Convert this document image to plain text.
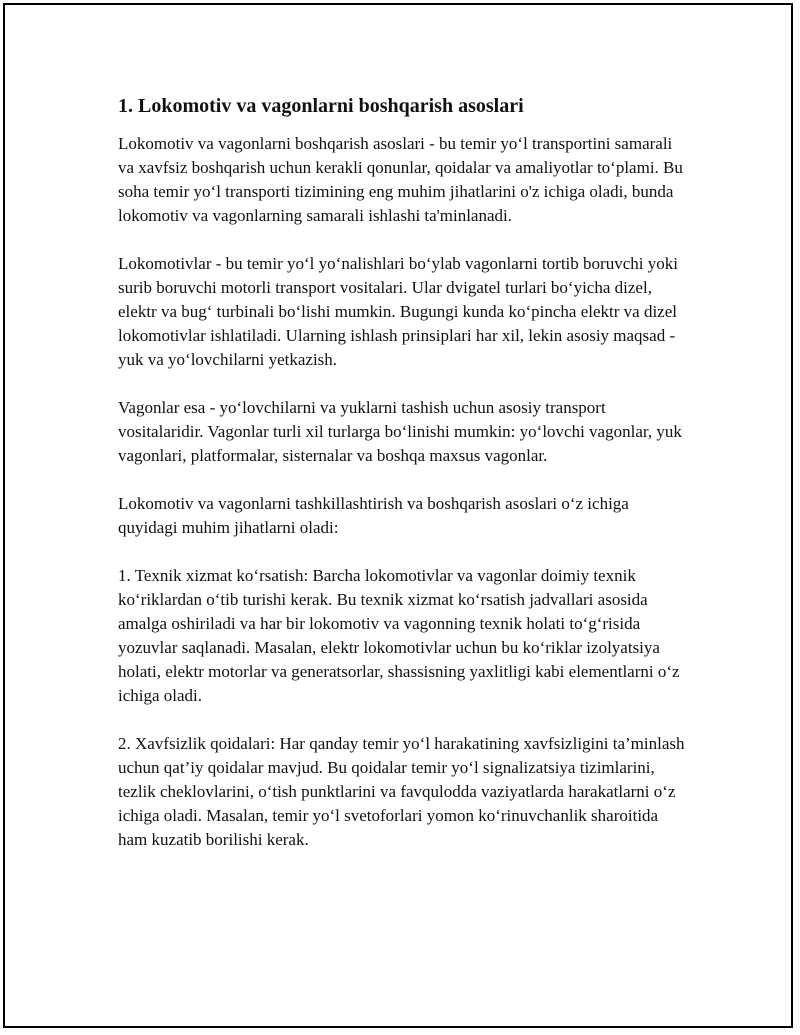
1. Lokomotiv va vagonlarni boshqarish asoslari

Lokomotiv va vagonlarni boshqarish asoslari - bu temir yo‘l transportini samarali va xavfsiz boshqarish uchun kerakli qonunlar, qoidalar va amaliyotlar to‘plami. Bu soha temir yo‘l transporti tizimining eng muhim jihatlarini o'z ichiga oladi, bunda lokomotiv va vagonlarning samarali ishlashi ta'minlanadi.

Lokomotivlar - bu temir yo‘l yo‘nalishlari bo‘ylab vagonlarni tortib boruvchi yoki surib boruvchi motorli transport vositalari. Ular dvigatel turlari bo‘yicha dizel, elektr va bug‘ turbinali bo‘lishi mumkin. Bugungi kunda ko‘pincha elektr va dizel lokomotivlar ishlatiladi. Ularning ishlash prinsiplari har xil, lekin asosiy maqsad - yuk va yo‘lovchilarni yetkazish.

Vagonlar esa - yo‘lovchilarni va yuklarni tashish uchun asosiy transport vositalaridir. Vagonlar turli xil turlarga bo‘linishi mumkin: yo‘lovchi vagonlar, yuk vagonlari, platformalar, sisternalar va boshqa maxsus vagonlar.

Lokomotiv va vagonlarni tashkillashtirish va boshqarish asoslari o‘z ichiga quyidagi muhim jihatlarni oladi:

1. Texnik xizmat ko‘rsatish: Barcha lokomotivlar va vagonlar doimiy texnik ko‘riklardan o‘tib turishi kerak. Bu texnik xizmat ko‘rsatish jadvallari asosida amalga oshiriladi va har bir lokomotiv va vagonning texnik holati to‘g‘risida yozuvlar saqlanadi. Masalan, elektr lokomotivlar uchun bu ko‘riklar izolyatsiya holati, elektr motorlar va generatsorlar, shassisning yaxlitligi kabi elementlarni o‘z ichiga oladi.

2. Xavfsizlik qoidalari: Har qanday temir yo‘l harakatining xavfsizligini ta’minlash uchun qat’iy qoidalar mavjud. Bu qoidalar temir yo‘l signalizatsiya tizimlarini, tezlik cheklovlarini, o‘tish punktlarini va favqulodda vaziyatlarda harakatlarni o‘z ichiga oladi. Masalan, temir yo‘l svetoforlari yomon ko‘rinuvchanlik sharoitida ham kuzatib borilishi kerak.
